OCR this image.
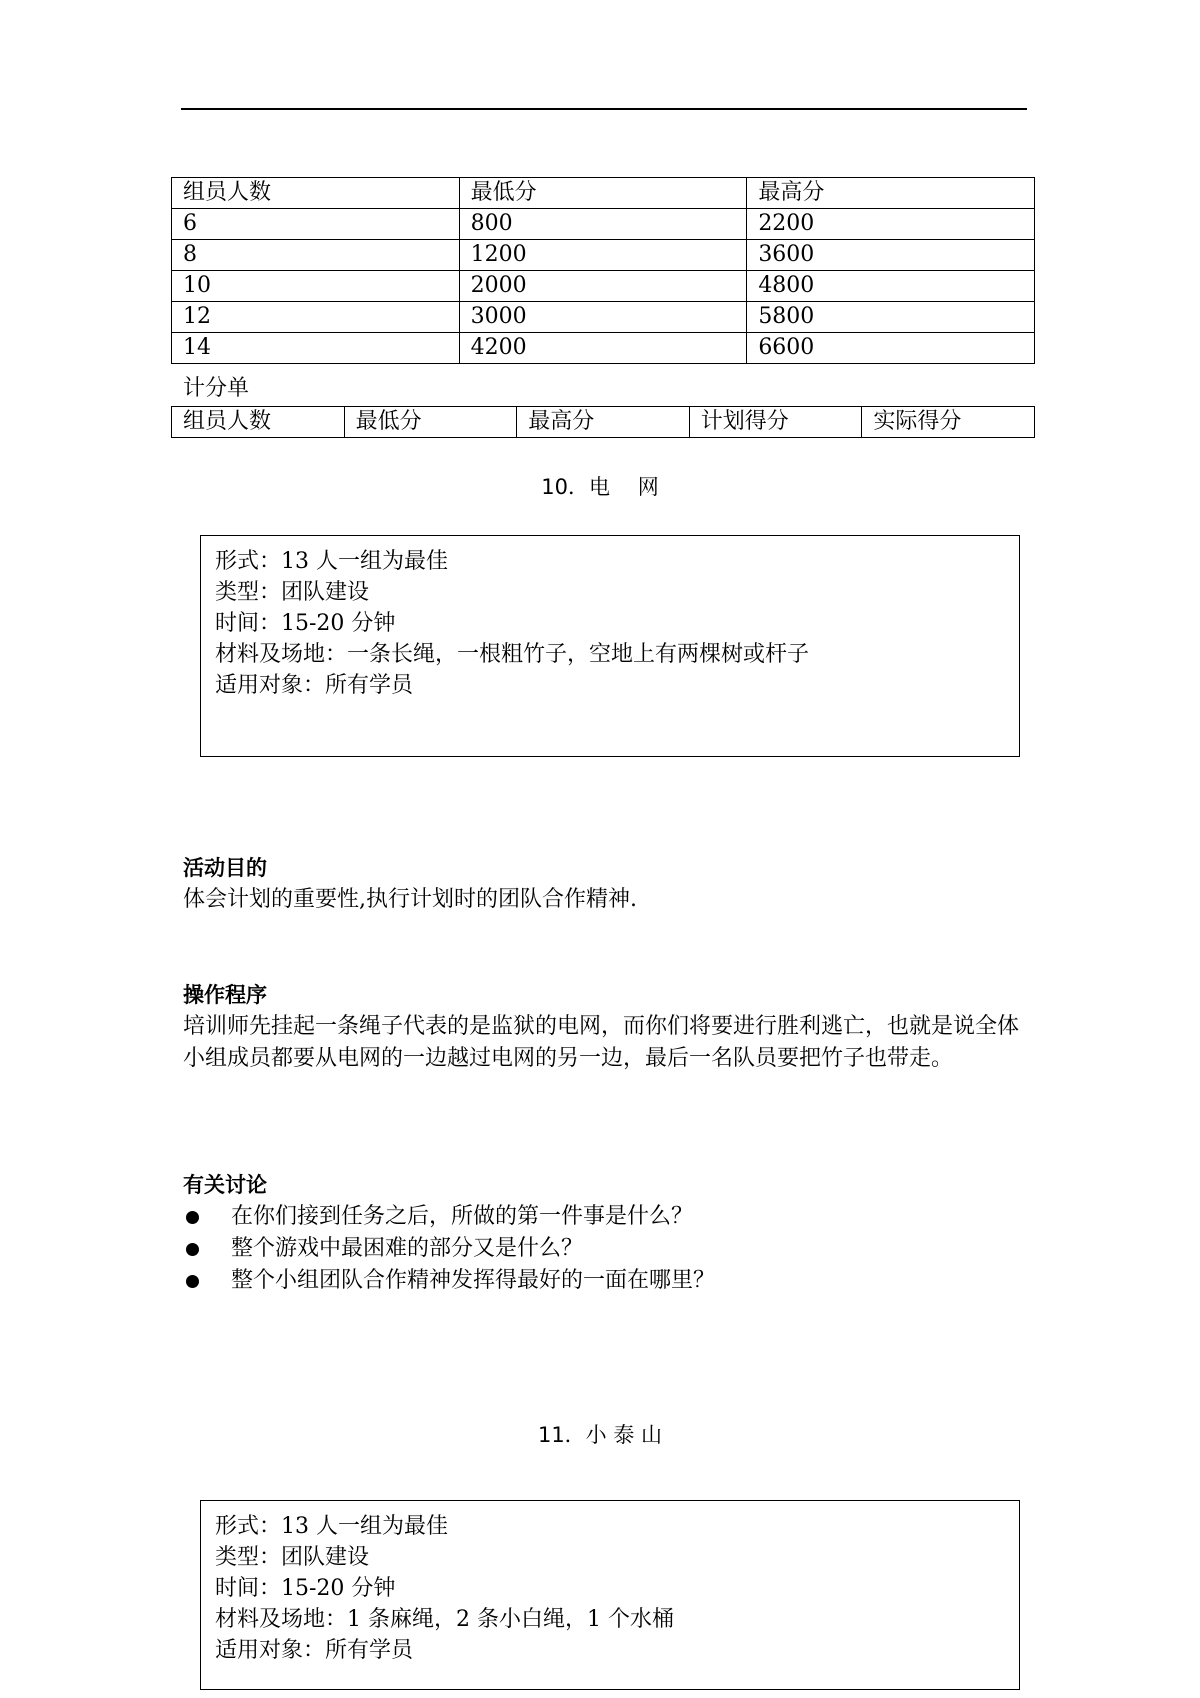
组员人数	最低分	最高分
6	800	2200
8	1200	3600
10	2000	4800
12	3000	5800
14	4200	6600
计分单
组员人数	最低分	最高分	计划得分	实际得分
10．电　 网
形式：13 人一组为最佳
类型：团队建设
时间：15-20 分钟
材料及场地：一条长绳，一根粗竹子，空地上有两棵树或杆子
适用对象：所有学员
活动目的
体会计划的重要性,执行计划时的团队合作精神.
操作程序
培训师先挂起一条绳子代表的是监狱的电网，而你们将要进行胜利逃亡，也就是说全体小组成员都要从电网的一边越过电网的另一边，最后一名队员要把竹子也带走。
有关讨论
在你们接到任务之后，所做的第一件事是什么？
整个游戏中最困难的部分又是什么？
整个小组团队合作精神发挥得最好的一面在哪里？
11．小 泰 山
形式：13 人一组为最佳
类型：团队建设
时间：15-20 分钟
材料及场地：1 条麻绳，2 条小白绳，1 个水桶
适用对象：所有学员
